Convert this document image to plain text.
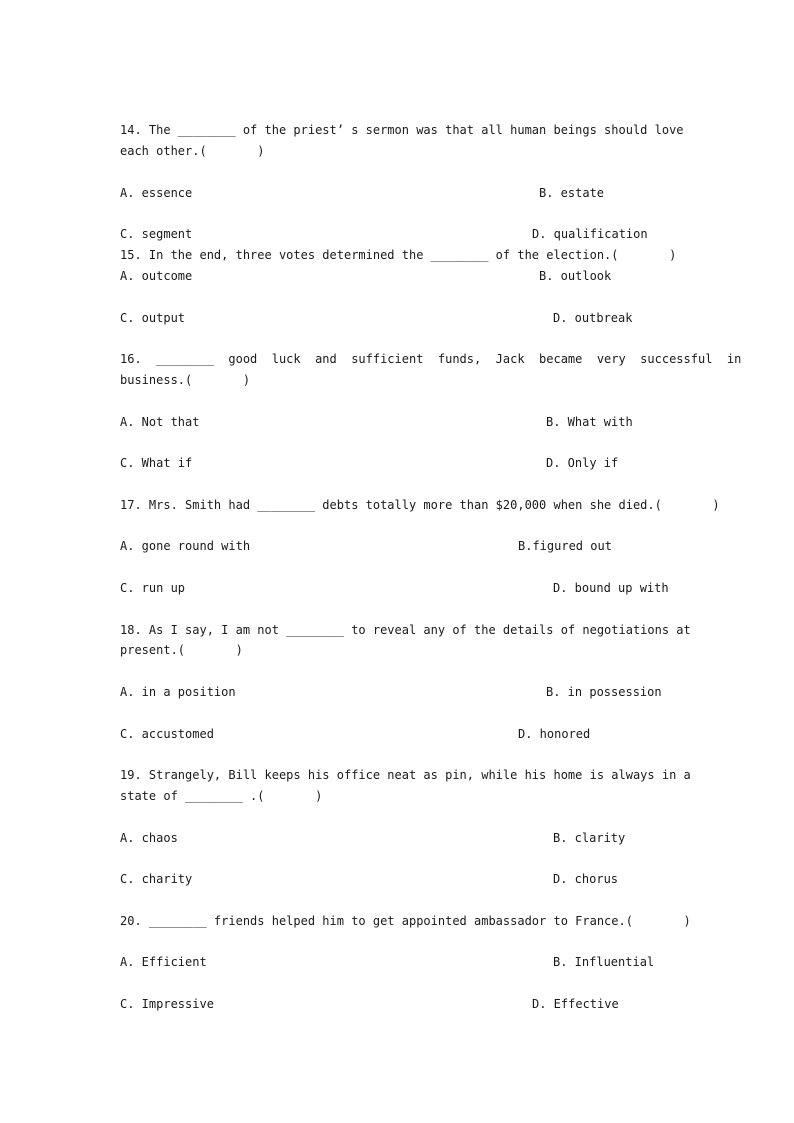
14. The ________ of the priest’ s sermon was that all human beings should love
each other.(       )
A. essence	B. estate
C. segment	D. qualification
15. In the end, three votes determined the ________ of the election.(       )
A. outcome	B. outlook
C. output	D. outbreak
16.  ________  good  luck  and  sufficient  funds,  Jack  became  very  successful  in
business.(       )
A. Not that	B. What with
C. What if	D. Only if
17. Mrs. Smith had ________ debts totally more than $20,000 when she died.(       )
A. gone round with	B.figured out
C. run up	D. bound up with
18. As I say, I am not ________ to reveal any of the details of negotiations at
present.(       )
A. in a position	B. in possession
C. accustomed	D. honored
19. Strangely, Bill keeps his office neat as pin, while his home is always in a
state of ________ .(       )
A. chaos	B. clarity
C. charity	D. chorus
20. ________ friends helped him to get appointed ambassador to France.(       )
A. Efficient	B. Influential
C. Impressive	D. Effective
